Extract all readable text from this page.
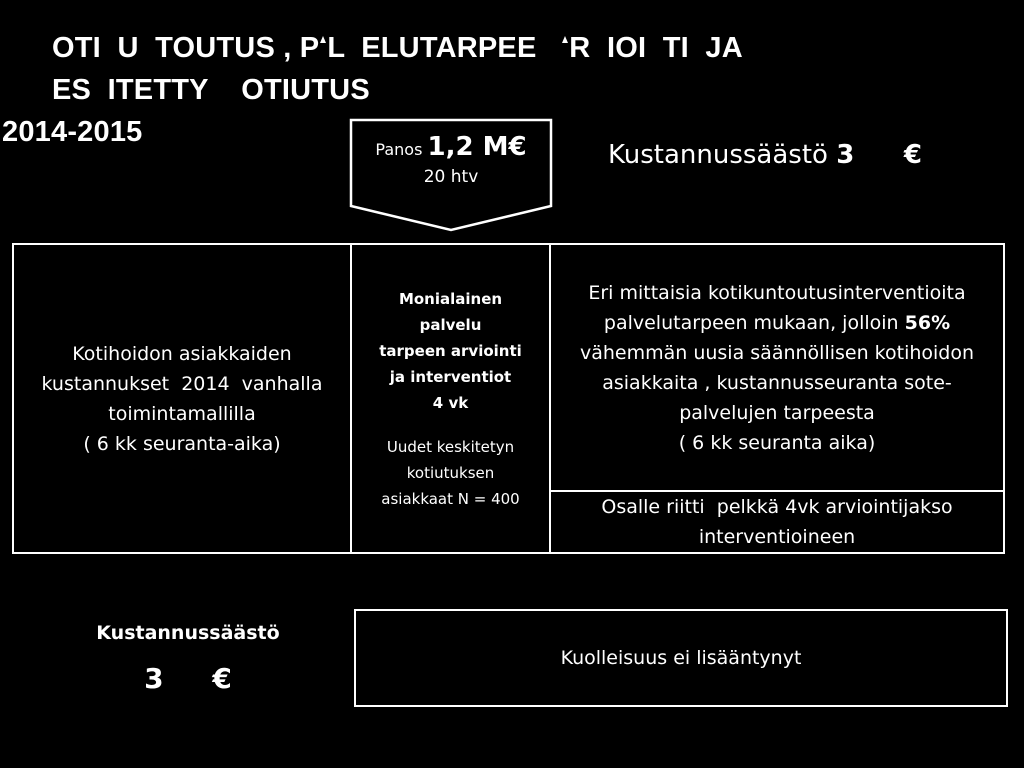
OTI  U  TOUTUS , P L  ELUTARPEE R  IOI  TI  JA
ES  ITETTY    OTIUTUS
2014-2015
Panos 1,2 M€
20 htv
Kustannussäästö 3 €
Kotihoidon asiakkaiden
kustannukset  2014  vanhalla
toimintamallilla
( 6 kk seuranta-aika)
Monialainen
palvelu
tarpeen arviointi
ja interventiot
4 vk
Uudet keskitetyn
kotiutuksen
asiakkaat N = 400
Eri mittaisia kotikuntoutusinterventioita
palvelutarpeen mukaan, jolloin 56%
vähemmän uusia säännöllisen kotihoidon
asiakkaita , kustannusseuranta sote-
palvelujen tarpeesta
( 6 kk seuranta aika)
Osalle riitti  pelkkä 4vk arviointijakso
interventioineen
Kustannussäästö
3 €
Kuolleisuus ei lisääntynyt
